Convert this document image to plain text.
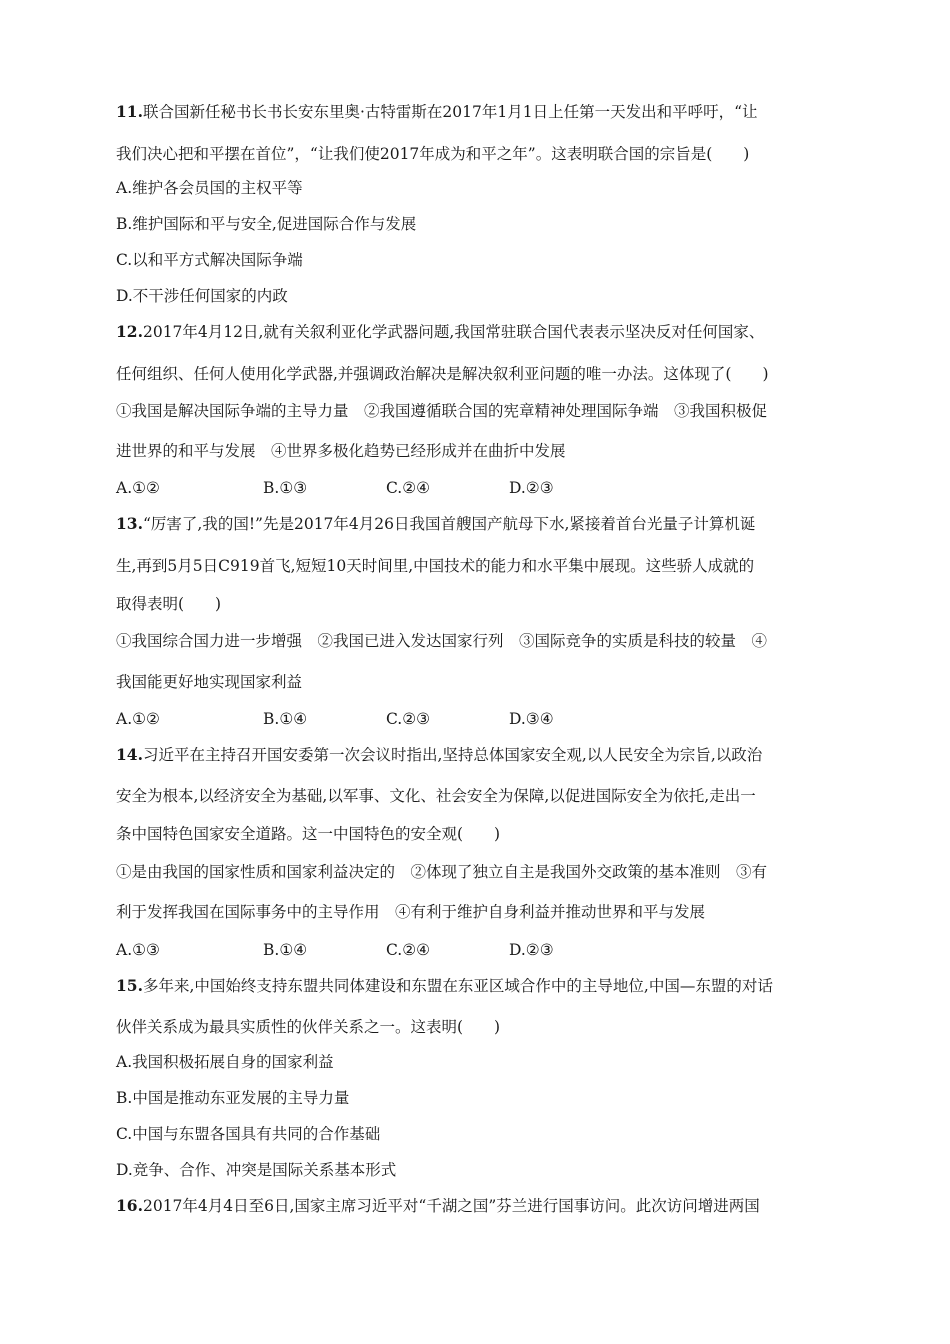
11.联合国新任秘书长书长安东里奥·古特雷斯在2017年1月1日上任第一天发出和平呼吁，“让
我们决心把和平摆在首位”，“让我们使2017年成为和平之年”。这表明联合国的宗旨是(　　)
A.维护各会员国的主权平等
B.维护国际和平与安全,促进国际合作与发展
C.以和平方式解决国际争端
D.不干涉任何国家的内政
12.2017年4月12日,就有关叙利亚化学武器问题,我国常驻联合国代表表示坚决反对任何国家、
任何组织、任何人使用化学武器,并强调政治解决是解决叙利亚问题的唯一办法。这体现了(　　)
①我国是解决国际争端的主导力量　②我国遵循联合国的宪章精神处理国际争端　③我国积极促
进世界的和平与发展　④世界多极化趋势已经形成并在曲折中发展
A.①②	B.①③	C.②④	D.②③
13.“厉害了,我的国!”先是2017年4月26日我国首艘国产航母下水,紧接着首台光量子计算机诞
生,再到5月5日C919首飞,短短10天时间里,中国技术的能力和水平集中展现。这些骄人成就的
取得表明(　　)
①我国综合国力进一步增强　②我国已进入发达国家行列　③国际竞争的实质是科技的较量　④
我国能更好地实现国家利益
A.①②	B.①④	C.②③	D.③④
14.习近平在主持召开国安委第一次会议时指出,坚持总体国家安全观,以人民安全为宗旨,以政治
安全为根本,以经济安全为基础,以军事、文化、社会安全为保障,以促进国际安全为依托,走出一
条中国特色国家安全道路。这一中国特色的安全观(　　)
①是由我国的国家性质和国家利益决定的　②体现了独立自主是我国外交政策的基本准则　③有
利于发挥我国在国际事务中的主导作用　④有利于维护自身利益并推动世界和平与发展
A.①③	B.①④	C.②④	D.②③
15.多年来,中国始终支持东盟共同体建设和东盟在东亚区域合作中的主导地位,中国—东盟的对话
伙伴关系成为最具实质性的伙伴关系之一。这表明(　　)
A.我国积极拓展自身的国家利益
B.中国是推动东亚发展的主导力量
C.中国与东盟各国具有共同的合作基础
D.竞争、合作、冲突是国际关系基本形式
16.2017年4月4日至6日,国家主席习近平对“千湖之国”芬兰进行国事访问。此次访问增进两国
